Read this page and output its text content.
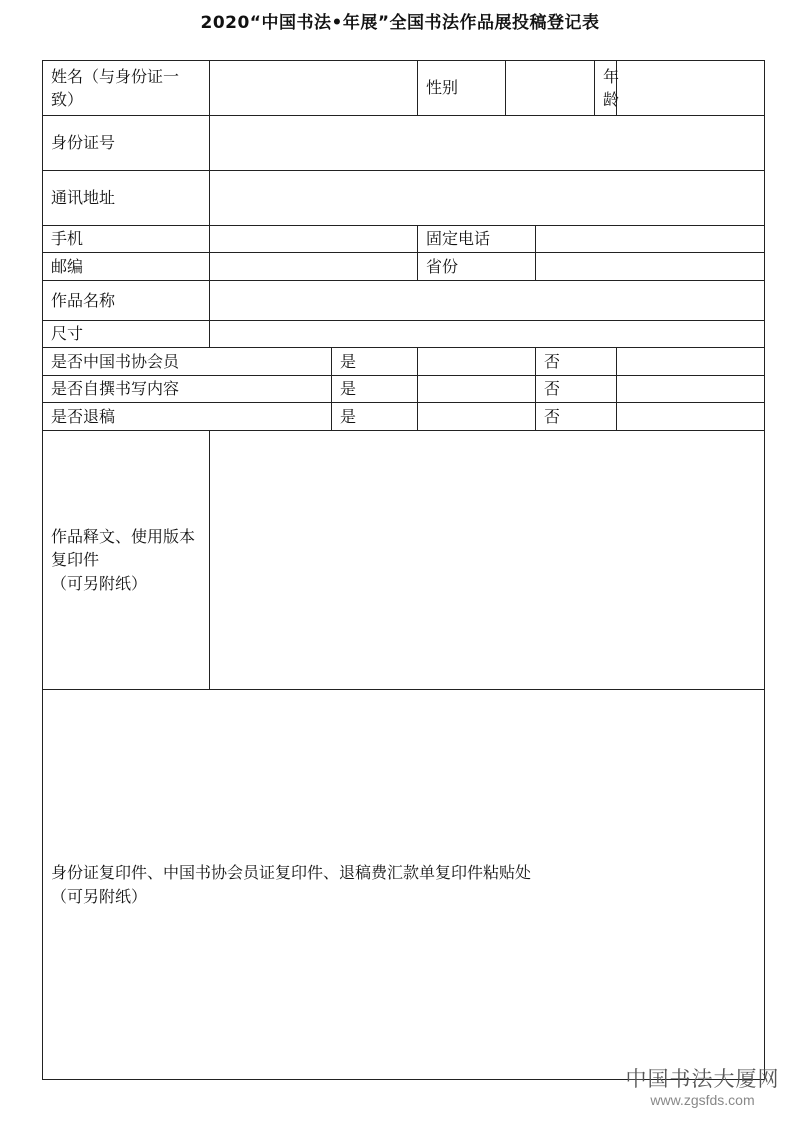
2020“中国书法•年展”全国书法作品展投稿登记表
姓名（与身份证一致）			性别			年龄	
身份证号							
通讯地址							
手机			固定电话				
邮编			省份				
作品名称							
尺寸							
是否中国书协会员		是			否		
是否自撰书写内容		是			否		
是否退稿		是			否		

作品释文、使用版本复印件
（可另附纸）							

身份证复印件、中国书协会员证复印件、退稿费汇款单复印件粘贴处
（可另附纸）							
中国书法大厦网
www.zgsfds.com
